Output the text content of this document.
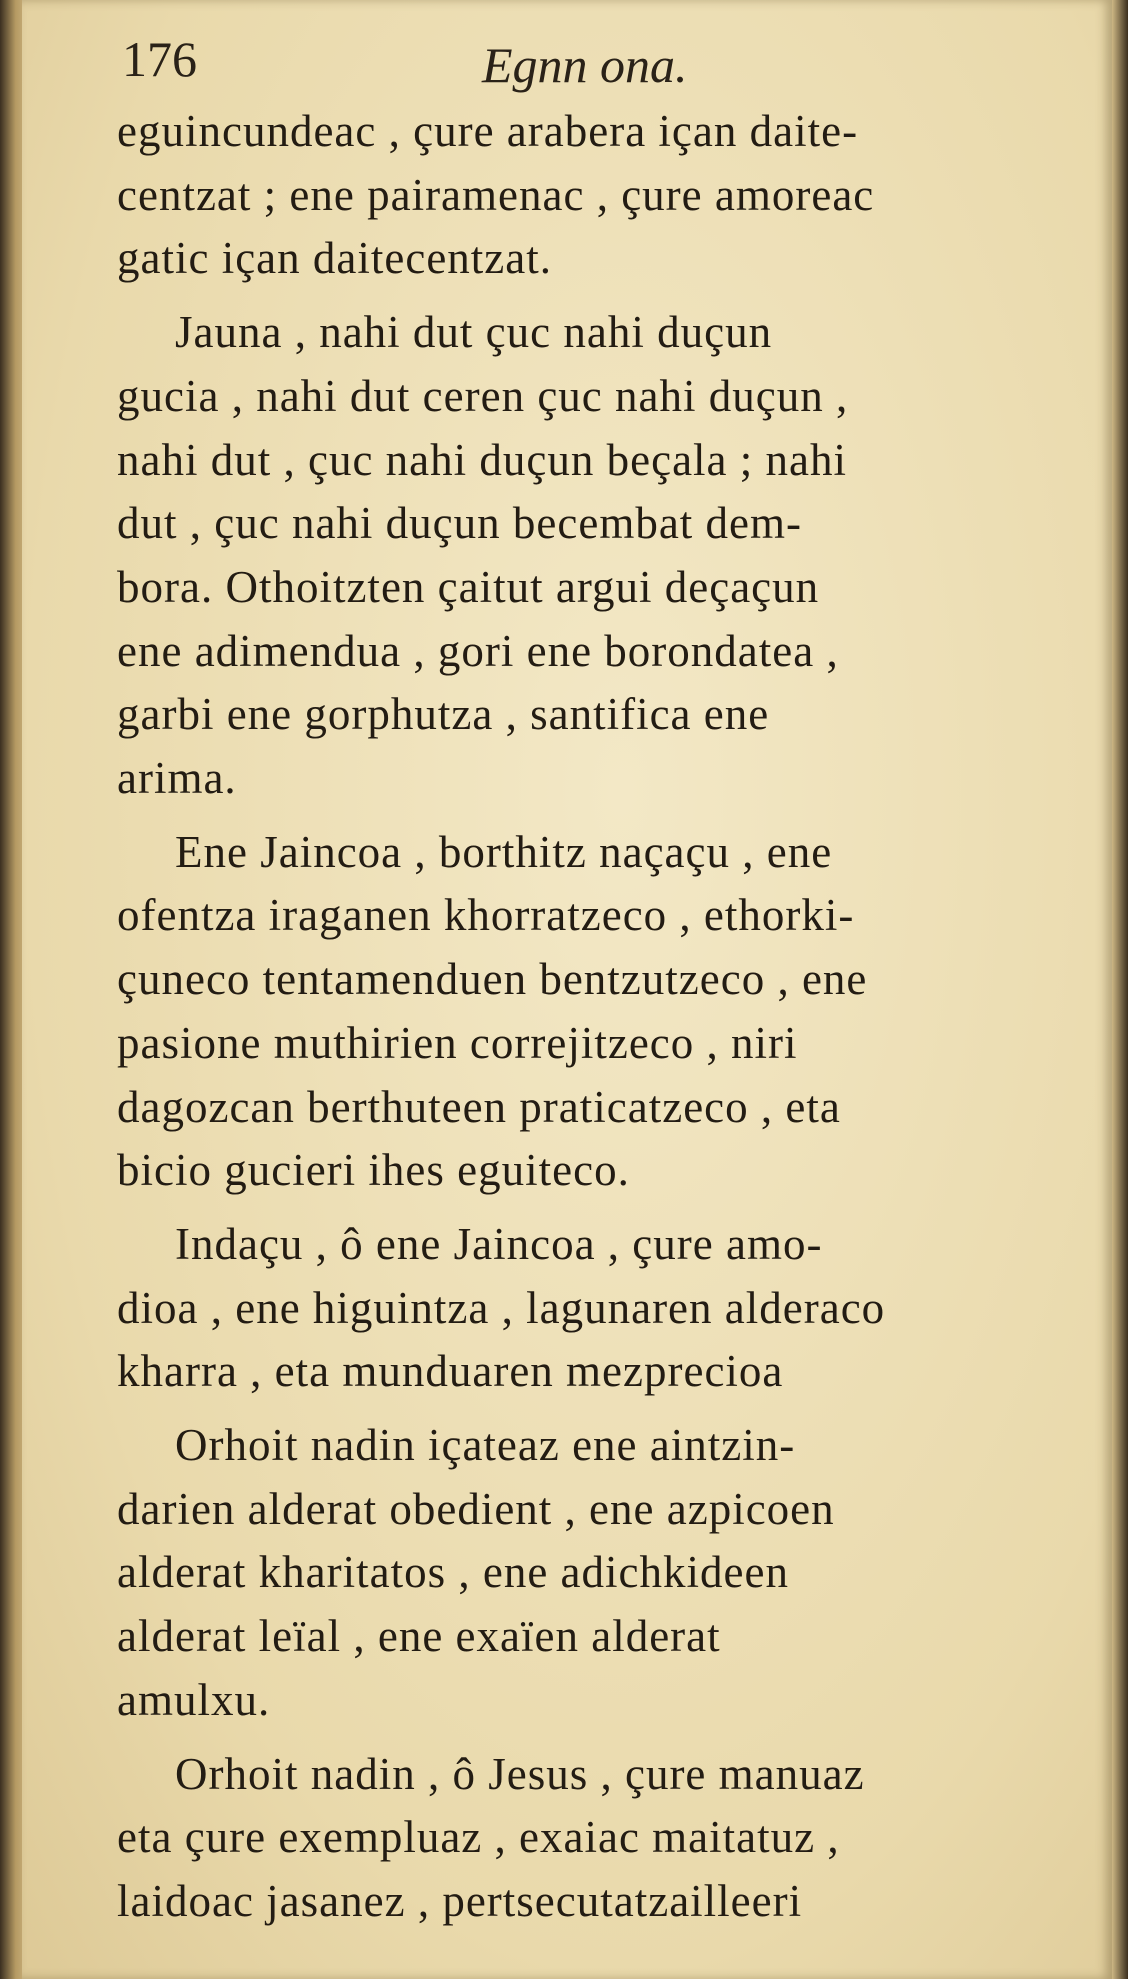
176	Egnn ona.
eguincundeac , çure arabera içan daite-
centzat ; ene pairamenac , çure amoreac
gatic içan daitecentzat.
Jauna , nahi dut çuc nahi duçun
gucia , nahi dut ceren çuc nahi duçun ,
nahi dut , çuc nahi duçun beçala ; nahi
dut , çuc nahi duçun becembat dem-
bora. Othoitzten çaitut argui deçaçun
ene adimendua , gori ene borondatea ,
garbi ene gorphutza , santifica ene
arima.
Ene Jaincoa , borthitz naçaçu , ene
ofentza iraganen khorratzeco , ethorki-
çuneco tentamenduen bentzutzeco , ene
pasione muthirien correjitzeco , niri
dagozcan berthuteen praticatzeco , eta
bicio gucieri ihes eguiteco.
Indaçu , ô ene Jaincoa , çure amo-
dioa , ene higuintza , lagunaren alderaco
kharra , eta munduaren mezprecioa
Orhoit nadin içateaz ene aintzin-
darien alderat obedient , ene azpicoen
alderat kharitatos , ene adichkideen
alderat leïal , ene exaïen alderat
amulxu.
Orhoit nadin , ô Jesus , çure manuaz
eta çure exempluaz , exaiac maitatuz ,
laidoac jasanez , pertsecutatzailleeri
